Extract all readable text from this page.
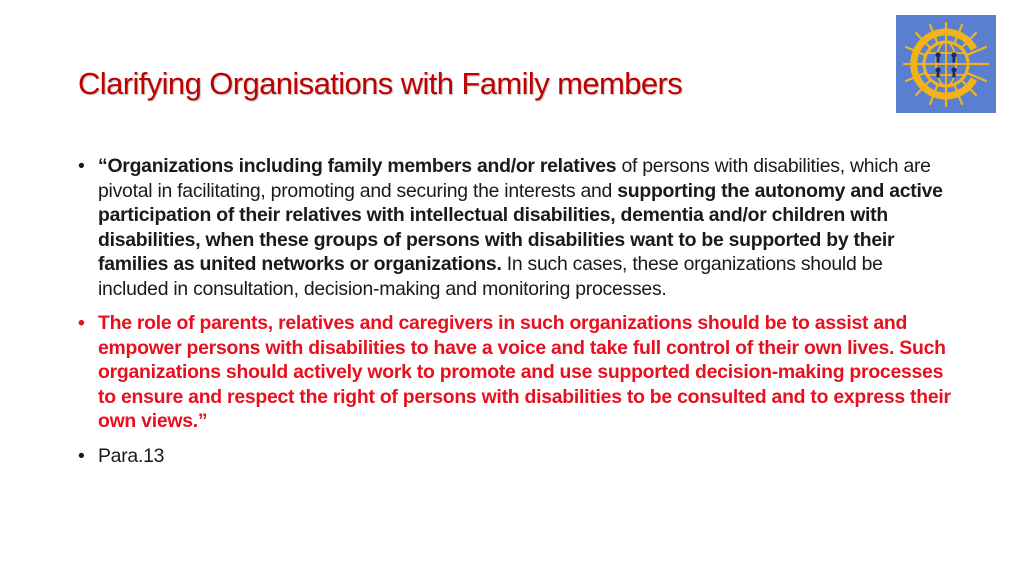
Clarifying Organisations with Family members
• “Organizations including family members and/or relatives of persons with disabilities, which are pivotal in facilitating, promoting and securing the interests and supporting the autonomy and active participation of their relatives with intellectual disabilities, dementia and/or children with disabilities, when these groups of persons with disabilities want to be supported by their families as united networks or organizations. In such cases, these organizations should be included in consultation, decision-making and monitoring processes.
• The role of parents, relatives and caregivers in such organizations should be to assist and empower persons with disabilities to have a voice and take full control of their own lives. Such organizations should actively work to promote and use supported decision-making processes to ensure and respect the right of persons with disabilities to be consulted and to express their own views.”
• Para.13
